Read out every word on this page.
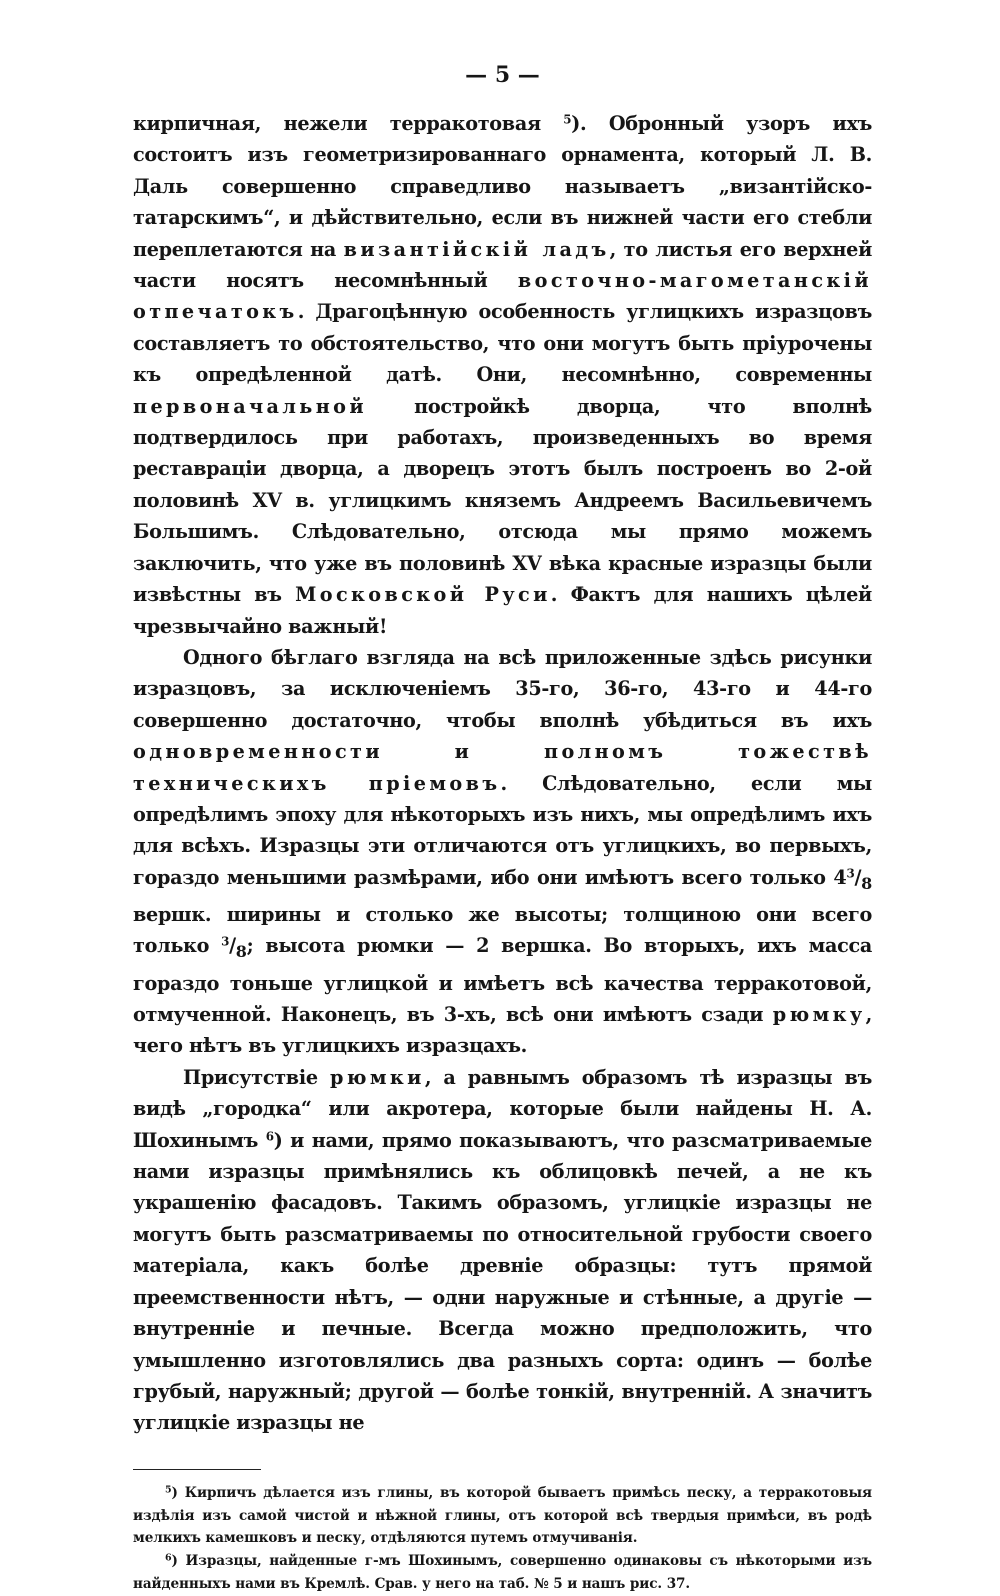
— 5 —

кирпичная, нежели терракотовая $^5$). Обронный узоръ ихъ состоитъ изъ геометризированнаго орнамента, который Л. В. Даль совершенно справедливо называетъ „византійско-татарскимъ“, и дѣйствительно, если въ нижней части его стебли переплетаются на византійскій ладъ, то листья его верхней части носятъ несомнѣнный восточно-магометанскій отпечатокъ. Драгоцѣнную особенность углицкихъ изразцовъ составляетъ то обстоятельство, что они могутъ быть пріурочены къ опредѣленной датѣ. Они, несомнѣнно, современны первоначальной постройкѣ дворца, что вполнѣ подтвердилось при работахъ, произведенныхъ во время реставраціи дворца, а дворецъ этотъ былъ построенъ во 2-ой половинѣ XV в. углицкимъ княземъ Андреемъ Васильевичемъ Большимъ. Слѣдовательно, отсюда мы прямо можемъ заключить, что уже въ половинѣ XV вѣка красные изразцы были извѣстны въ Московской Руси. Фактъ для нашихъ цѣлей чрезвычайно важный!

Одного бѣглаго взгляда на всѣ приложенные здѣсь рисунки изразцовъ, за исключеніемъ 35-го, 36-го, 43-го и 44-го совершенно достаточно, чтобы вполнѣ убѣдиться въ ихъ одновременности и полномъ тожествѣ техническихъ пріемовъ. Слѣдовательно, если мы опредѣлимъ эпоху для нѣкоторыхъ изъ нихъ, мы опредѣлимъ ихъ для всѣхъ. Изразцы эти отличаются отъ углицкихъ, во первыхъ, гораздо меньшими размѣрами, ибо они имѣютъ всего только $4^3/_8$ вершк. ширины и столько же высоты; толщиною они всего только $^3/_8$; высота рюмки — 2 вершка. Во вторыхъ, ихъ масса гораздо тоньше углицкой и имѣетъ всѣ качества терракотовой, отмученной. Наконецъ, въ 3-хъ, всѣ они имѣютъ сзади рюмку, чего нѣтъ въ углицкихъ изразцахъ.

Присутствіе рюмки, а равнымъ образомъ тѣ изразцы въ видѣ „городка“ или акротера, которые были найдены Н. А. Шохинымъ $^6$) и нами, прямо показываютъ, что разсматриваемые нами изразцы примѣнялись къ облицовкѣ печей, а не къ украшенію фасадовъ. Такимъ образомъ, углицкіе изразцы не могутъ быть разсматриваемы по относительной грубости своего матеріала, какъ болѣе древніе образцы: тутъ прямой преемственности нѣтъ, — одни наружные и стѣнные, а другіе — внутренніе и печные. Всегда можно предположить, что умышленно изготовлялись два разныхъ сорта: одинъ — болѣе грубый, наружный; другой — болѣе тонкій, внутренній. А значитъ углицкіе изразцы не

$^5$) Кирпичъ дѣлается изъ глины, въ которой бываетъ примѣсь песку, а терракотовыя издѣлія изъ самой чистой и нѣжной глины, отъ которой всѣ твердыя примѣси, въ родѣ мелкихъ камешковъ и песку, отдѣляются путемъ отмучиванія.

$^6$) Изразцы, найденные г-мъ Шохинымъ, совершенно одинаковы съ нѣкоторыми изъ найденныхъ нами въ Кремлѣ. Срав. у него на таб. № 5 и нашъ рис. 37.
